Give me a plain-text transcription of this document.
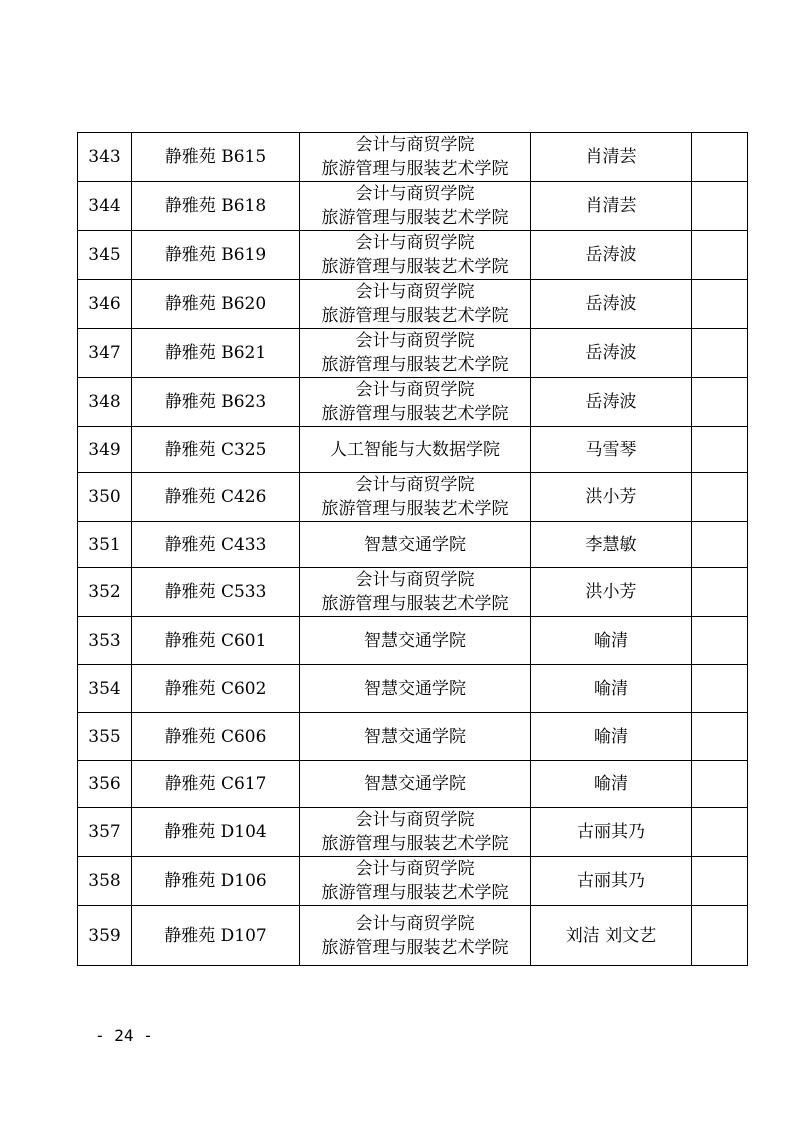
343	静雅苑 B615	会计与商贸学院
旅游管理与服装艺术学院	肖清芸	
344	静雅苑 B618	会计与商贸学院
旅游管理与服装艺术学院	肖清芸	
345	静雅苑 B619	会计与商贸学院
旅游管理与服装艺术学院	岳涛波	
346	静雅苑 B620	会计与商贸学院
旅游管理与服装艺术学院	岳涛波	
347	静雅苑 B621	会计与商贸学院
旅游管理与服装艺术学院	岳涛波	
348	静雅苑 B623	会计与商贸学院
旅游管理与服装艺术学院	岳涛波	
349	静雅苑 C325	人工智能与大数据学院	马雪琴	
350	静雅苑 C426	会计与商贸学院
旅游管理与服装艺术学院	洪小芳	
351	静雅苑 C433	智慧交通学院	李慧敏	
352	静雅苑 C533	会计与商贸学院
旅游管理与服装艺术学院	洪小芳	
353	静雅苑 C601	智慧交通学院	喻清	
354	静雅苑 C602	智慧交通学院	喻清	
355	静雅苑 C606	智慧交通学院	喻清	
356	静雅苑 C617	智慧交通学院	喻清	
357	静雅苑 D104	会计与商贸学院
旅游管理与服装艺术学院	古丽其乃	
358	静雅苑 D106	会计与商贸学院
旅游管理与服装艺术学院	古丽其乃	
359	静雅苑 D107	会计与商贸学院
旅游管理与服装艺术学院	刘洁 刘文艺	
- 24 -
